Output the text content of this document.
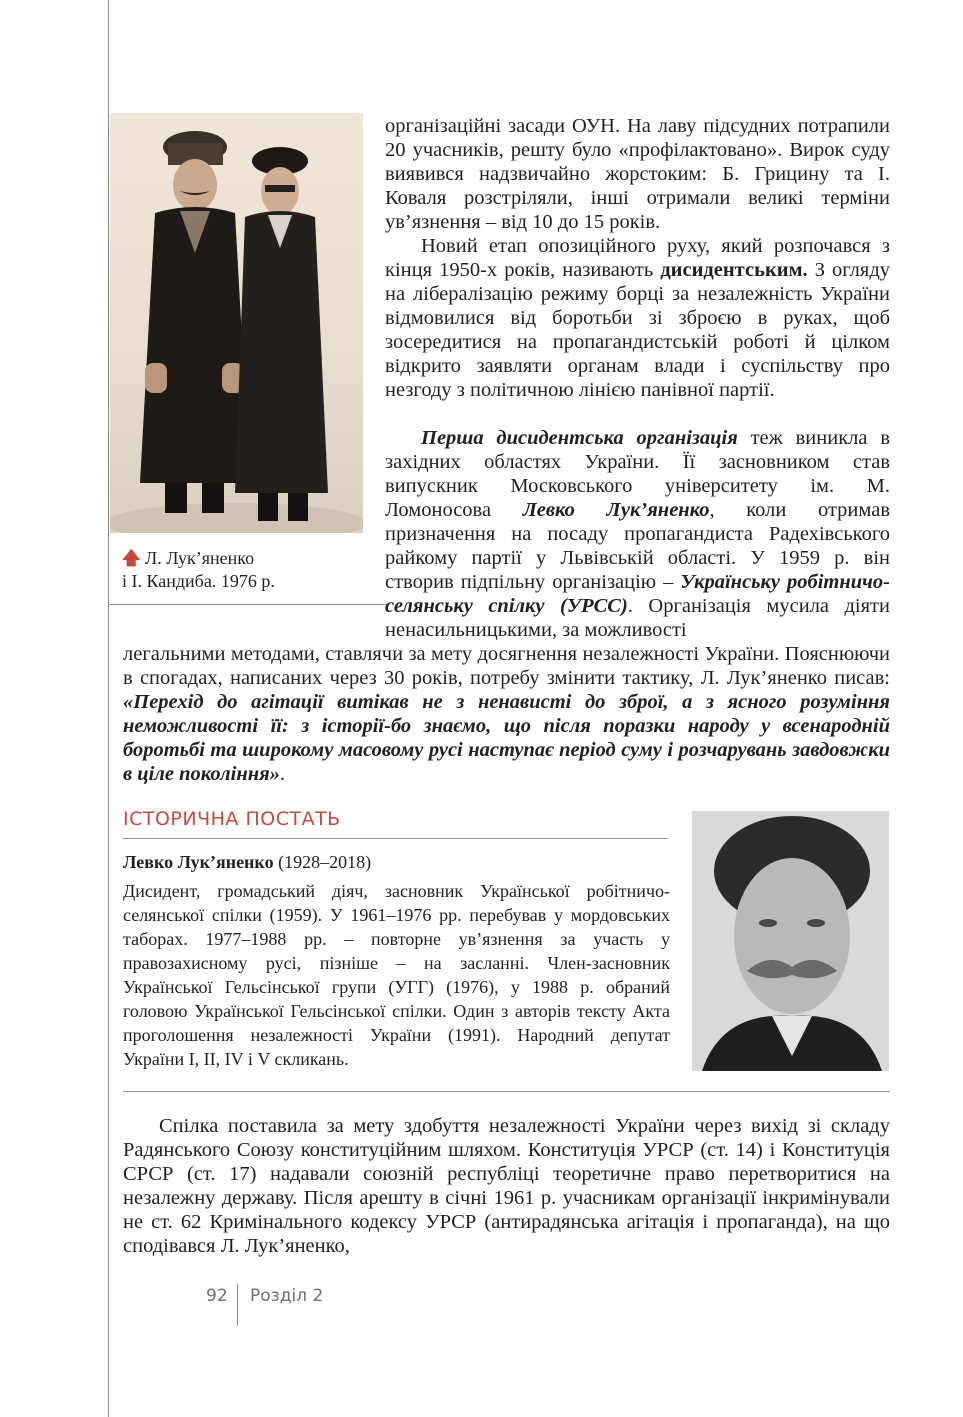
🡅 Л. Лук’яненко
і І. Кандиба. 1976 р.

організаційні засади ОУН. На лаву підсудних потрапили 20 учасників, решту було «профілактовано». Вирок суду виявився надзвичайно жорстоким: Б. Грицину та І. Коваля розстріляли, інші отримали великі терміни ув’язнення – від 10 до 15 років.

Новий етап опозиційного руху, який розпочався з кінця 1950-х років, називають дисидентським. З огляду на лібералізацію режиму борці за незалежність України відмовилися від боротьби зі зброєю в руках, щоб зосередитися на пропагандистській роботі й цілком відкрито заявляти органам влади і суспільству про незгоду з політичною лінією панівної партії.

Перша дисидентська організація теж виникла в західних областях України. Її засновником став випускник Московського університету ім. М. Ломоносова Левко Лук’яненко, коли отримав призначення на посаду пропагандиста Радехівського райкому партії у Львівській області. У 1959 р. він створив підпільну організацію – Українську робітничо-селянську спілку (УРСС). Організація мусила діяти ненасильницькими, за можливості

легальними методами, ставлячи за мету досягнення незалежності України. Пояснюючи в спогадах, написаних через 30 років, потребу змінити тактику, Л. Лук’яненко писав: «Перехід до агітації витікав не з ненависті до зброї, а з ясного розуміння неможливості її: з історії-бо знаємо, що після поразки народу у всенародній боротьбі та широкому масовому русі наступає період суму і розчарувань завдовжки в ціле покоління».

ІСТОРИЧНА ПОСТАТЬ
Левко Лук’яненко (1928–2018)

Дисидент, громадський діяч, засновник Української робітничо-селянської спілки (1959). У 1961–1976 рр. перебував у мордовських таборах. 1977–1988 рр. – повторне ув’язнення за участь у правозахисному русі, пізніше – на засланні. Член-засновник Української Гельсінської групи (УГГ) (1976), у 1988 р. обраний головою Української Гельсінської спілки. Один з авторів тексту Акта проголошення незалежності України (1991). Народний депутат України I, II, IV і V скликань.

Спілка поставила за мету здобуття незалежності України через вихід зі складу Радянського Союзу конституційним шляхом. Конституція УРСР (ст. 14) і Конституція СРСР (ст. 17) надавали союзній республіці теоретичне право перетворитися на незалежну державу. Після арешту в січні 1961 р. учасникам організації інкримінували не ст. 62 Кримінального кодексу УРСР (антирадянська агітація і пропаганда), на що сподівався Л. Лук’яненко,

92 Розділ 2
